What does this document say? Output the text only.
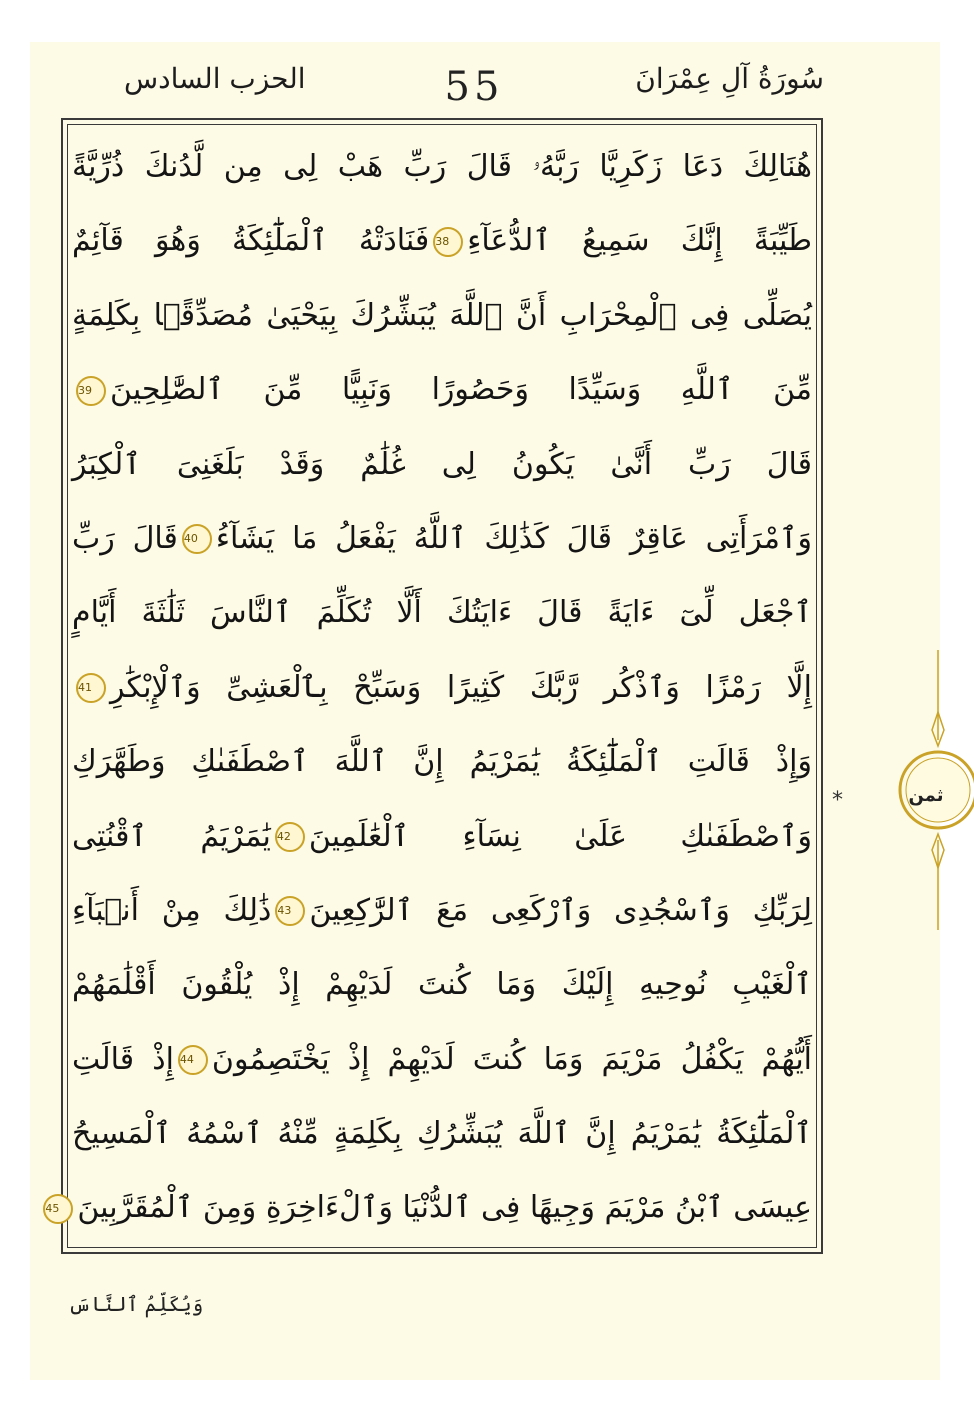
الحزب السادس	55	سُورَةُ آلِ عِمْرَانَ
هُنَالِكَ دَعَا زَكَرِيَّا رَبَّهُۥ قَالَ رَبِّ هَبْ لِى مِن لَّدُنكَ ذُرِّيَّةً
طَيِّبَةً إِنَّكَ سَمِيعُ ٱلدُّعَآءِ38فَنَادَتْهُ ٱلْمَلَٰٓئِكَةُ وَهُوَ قَآئِمٌ
يُصَلِّى فِى ٱلْمِحْرَابِ أَنَّ ٱللَّهَ يُبَشِّرُكَ بِيَحْيَىٰ مُصَدِّقًۢا بِكَلِمَةٍ
مِّنَ ٱللَّهِ وَسَيِّدًا وَحَصُورًا وَنَبِيًّا مِّنَ ٱلصَّٰلِحِينَ39
قَالَ رَبِّ أَنَّىٰ يَكُونُ لِى غُلَٰمٌ وَقَدْ بَلَغَنِىَ ٱلْكِبَرُ
وَٱمْرَأَتِى عَاقِرٌ قَالَ كَذَٰلِكَ ٱللَّهُ يَفْعَلُ مَا يَشَآءُ40قَالَ رَبِّ
ٱجْعَل لِّىٓ ءَايَةً قَالَ ءَايَتُكَ أَلَّا تُكَلِّمَ ٱلنَّاسَ ثَلَٰثَةَ أَيَّامٍ
إِلَّا رَمْزًا وَٱذْكُر رَّبَّكَ كَثِيرًا وَسَبِّحْ بِٱلْعَشِىِّ وَٱلْإِبْكَٰرِ41
وَإِذْ قَالَتِ ٱلْمَلَٰٓئِكَةُ يَٰمَرْيَمُ إِنَّ ٱللَّهَ ٱصْطَفَىٰكِ وَطَهَّرَكِ
وَٱصْطَفَىٰكِ عَلَىٰ نِسَآءِ ٱلْعَٰلَمِينَ42يَٰمَرْيَمُ ٱقْنُتِى
لِرَبِّكِ وَٱسْجُدِى وَٱرْكَعِى مَعَ ٱلرَّٰكِعِينَ43ذَٰلِكَ مِنْ أَنۢبَآءِ
ٱلْغَيْبِ نُوحِيهِ إِلَيْكَ وَمَا كُنتَ لَدَيْهِمْ إِذْ يُلْقُونَ أَقْلَٰمَهُمْ
أَيُّهُمْ يَكْفُلُ مَرْيَمَ وَمَا كُنتَ لَدَيْهِمْ إِذْ يَخْتَصِمُونَ44إِذْ قَالَتِ
ٱلْمَلَٰٓئِكَةُ يَٰمَرْيَمُ إِنَّ ٱللَّهَ يُبَشِّرُكِ بِكَلِمَةٍ مِّنْهُ ٱسْمُهُ ٱلْمَسِيحُ
عِيسَى ٱبْنُ مَرْيَمَ وَجِيهًا فِى ٱلدُّنْيَا وَٱلْءَاخِرَةِ وَمِنَ ٱلْمُقَرَّبِينَ45
ثمن
*
وَيُكَلِّمُ ٱلنَّاسَ
